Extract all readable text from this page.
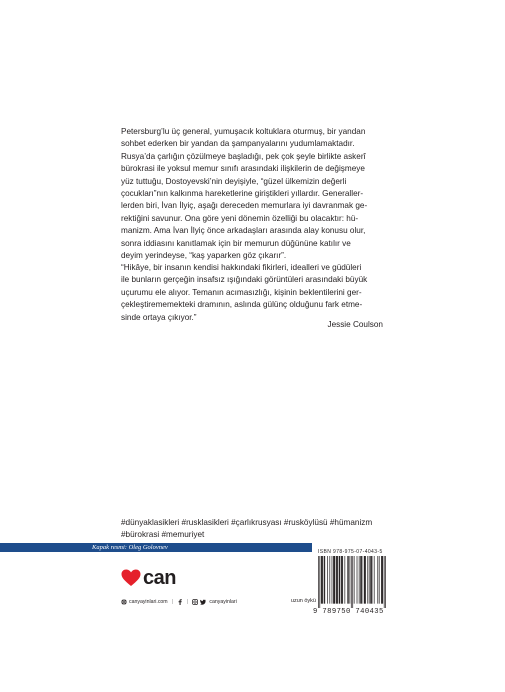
Petersburg’lu üç general, yumuşacık koltuklara oturmuş, bir yandan

sohbet ederken bir yandan da şampanyalarını yudumlamaktadır.

Rusya’da çarlığın çözülmeye başladığı, pek çok şeyle birlikte askerî

bürokrasi ile yoksul memur sınıfı arasındaki ilişkilerin de değişmeye

yüz tuttuğu, Dostoyevski’nin deyişiyle, “güzel ülkemizin değerli

çocukları”nın kalkınma hareketlerine giriştikleri yıllardır. Generaller-

lerden biri, İvan İlyiç, aşağı dereceden memurlara iyi davranmak ge-

rektiğini savunur. Ona göre yeni dönemin özelliği bu olacaktır: hü-

manizm. Ama İvan İlyiç önce arkadaşları arasında alay konusu olur,

sonra iddiasını kanıtlamak için bir memurun düğününe katılır ve

deyim yerindeyse, “kaş yaparken göz çıkarır”.

“Hikâye, bir insanın kendisi hakkındaki fikirleri, idealleri ve güdüleri

ile bunların gerçeğin insafsız ışığındaki görüntüleri arasındaki büyük

uçurumu ele alıyor. Temanın acımasızlığı, kişinin beklentilerini ger-

çekleştirememekteki dramının, aslında gülünç olduğunu fark etme-

sinde ortaya çıkıyor.”

Jessie Coulson
#dünyaklasikleri #rusklasikleri #çarlıkrusyası #rusköylüsü #hümanizm
#bürokrasi #memuriyet
Kapak resmi: Oleg Golovnev
ISBN 978-975-07-4043-5
9 789750 740435
can
canyayinlari.com |	|	canyayinlari	uzun öykü
